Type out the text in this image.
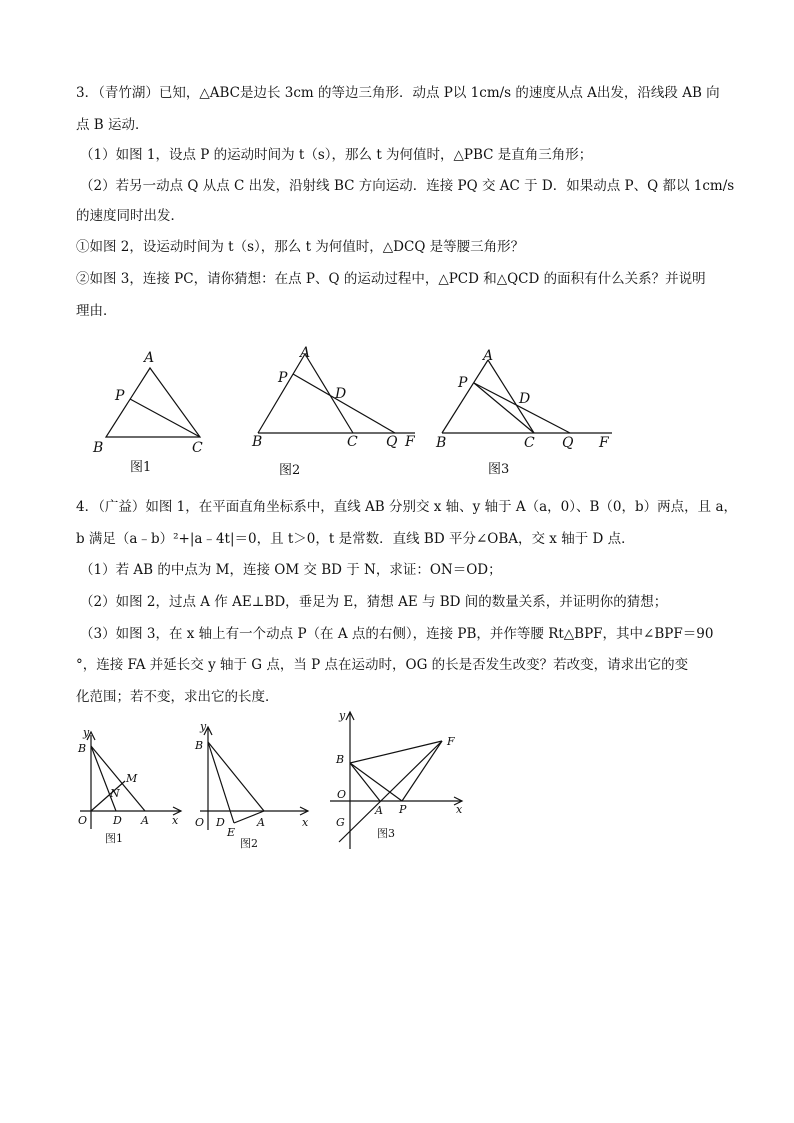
3．（青竹湖）已知，△ABC是边长 3cm 的等边三角形．动点 P以 1cm/s 的速度从点 A出发，沿线段 AB 向
点 B 运动．
（1）如图 1，设点 P 的运动时间为 t（s），那么 t 为何值时，△PBC 是直角三角形；
（2）若另一动点 Q 从点 C 出发，沿射线 BC 方向运动．连接 PQ 交 AC 于 D．如果动点 P、Q 都以 1cm/s
的速度同时出发．
①如图 2，设运动时间为 t（s），那么 t 为何值时，△DCQ 是等腰三角形？
②如图 3，连接 PC，请你猜想：在点 P、Q 的运动过程中，△PCD 和△QCD 的面积有什么关系？并说明
理由．
A
P
B	C
图1
A
P
D
B	C Q F
图2
A
P
D
B	C Q F
图3
4．（广益）如图 1，在平面直角坐标系中，直线 AB 分别交 x 轴、y 轴于 A（a，0）、B（0，b）两点，且 a，
b 满足（a﹣b）²+|a﹣4t|＝0，且 t＞0，t 是常数．直线 BD 平分∠OBA，交 x 轴于 D 点．
（1）若 AB 的中点为 M，连接 OM 交 BD 于 N，求证：ON＝OD；
（2）如图 2，过点 A 作 AE⊥BD，垂足为 E，猜想 AE 与 BD 间的数量关系，并证明你的猜想；
（3）如图 3，在 x 轴上有一个动点 P（在 A 点的右侧），连接 PB，并作等腰 Rt△BPF，其中∠BPF＝90
°，连接 FA 并延长交 y 轴于 G 点，当 P 点在运动时，OG 的长是否发生改变？若改变，请求出它的变
化范围；若不变，求出它的长度．
y
B
M
N
O D A x
图1
y
B
O D	A
E
x
图2
y
F
B
O
A P
G
x
图3
